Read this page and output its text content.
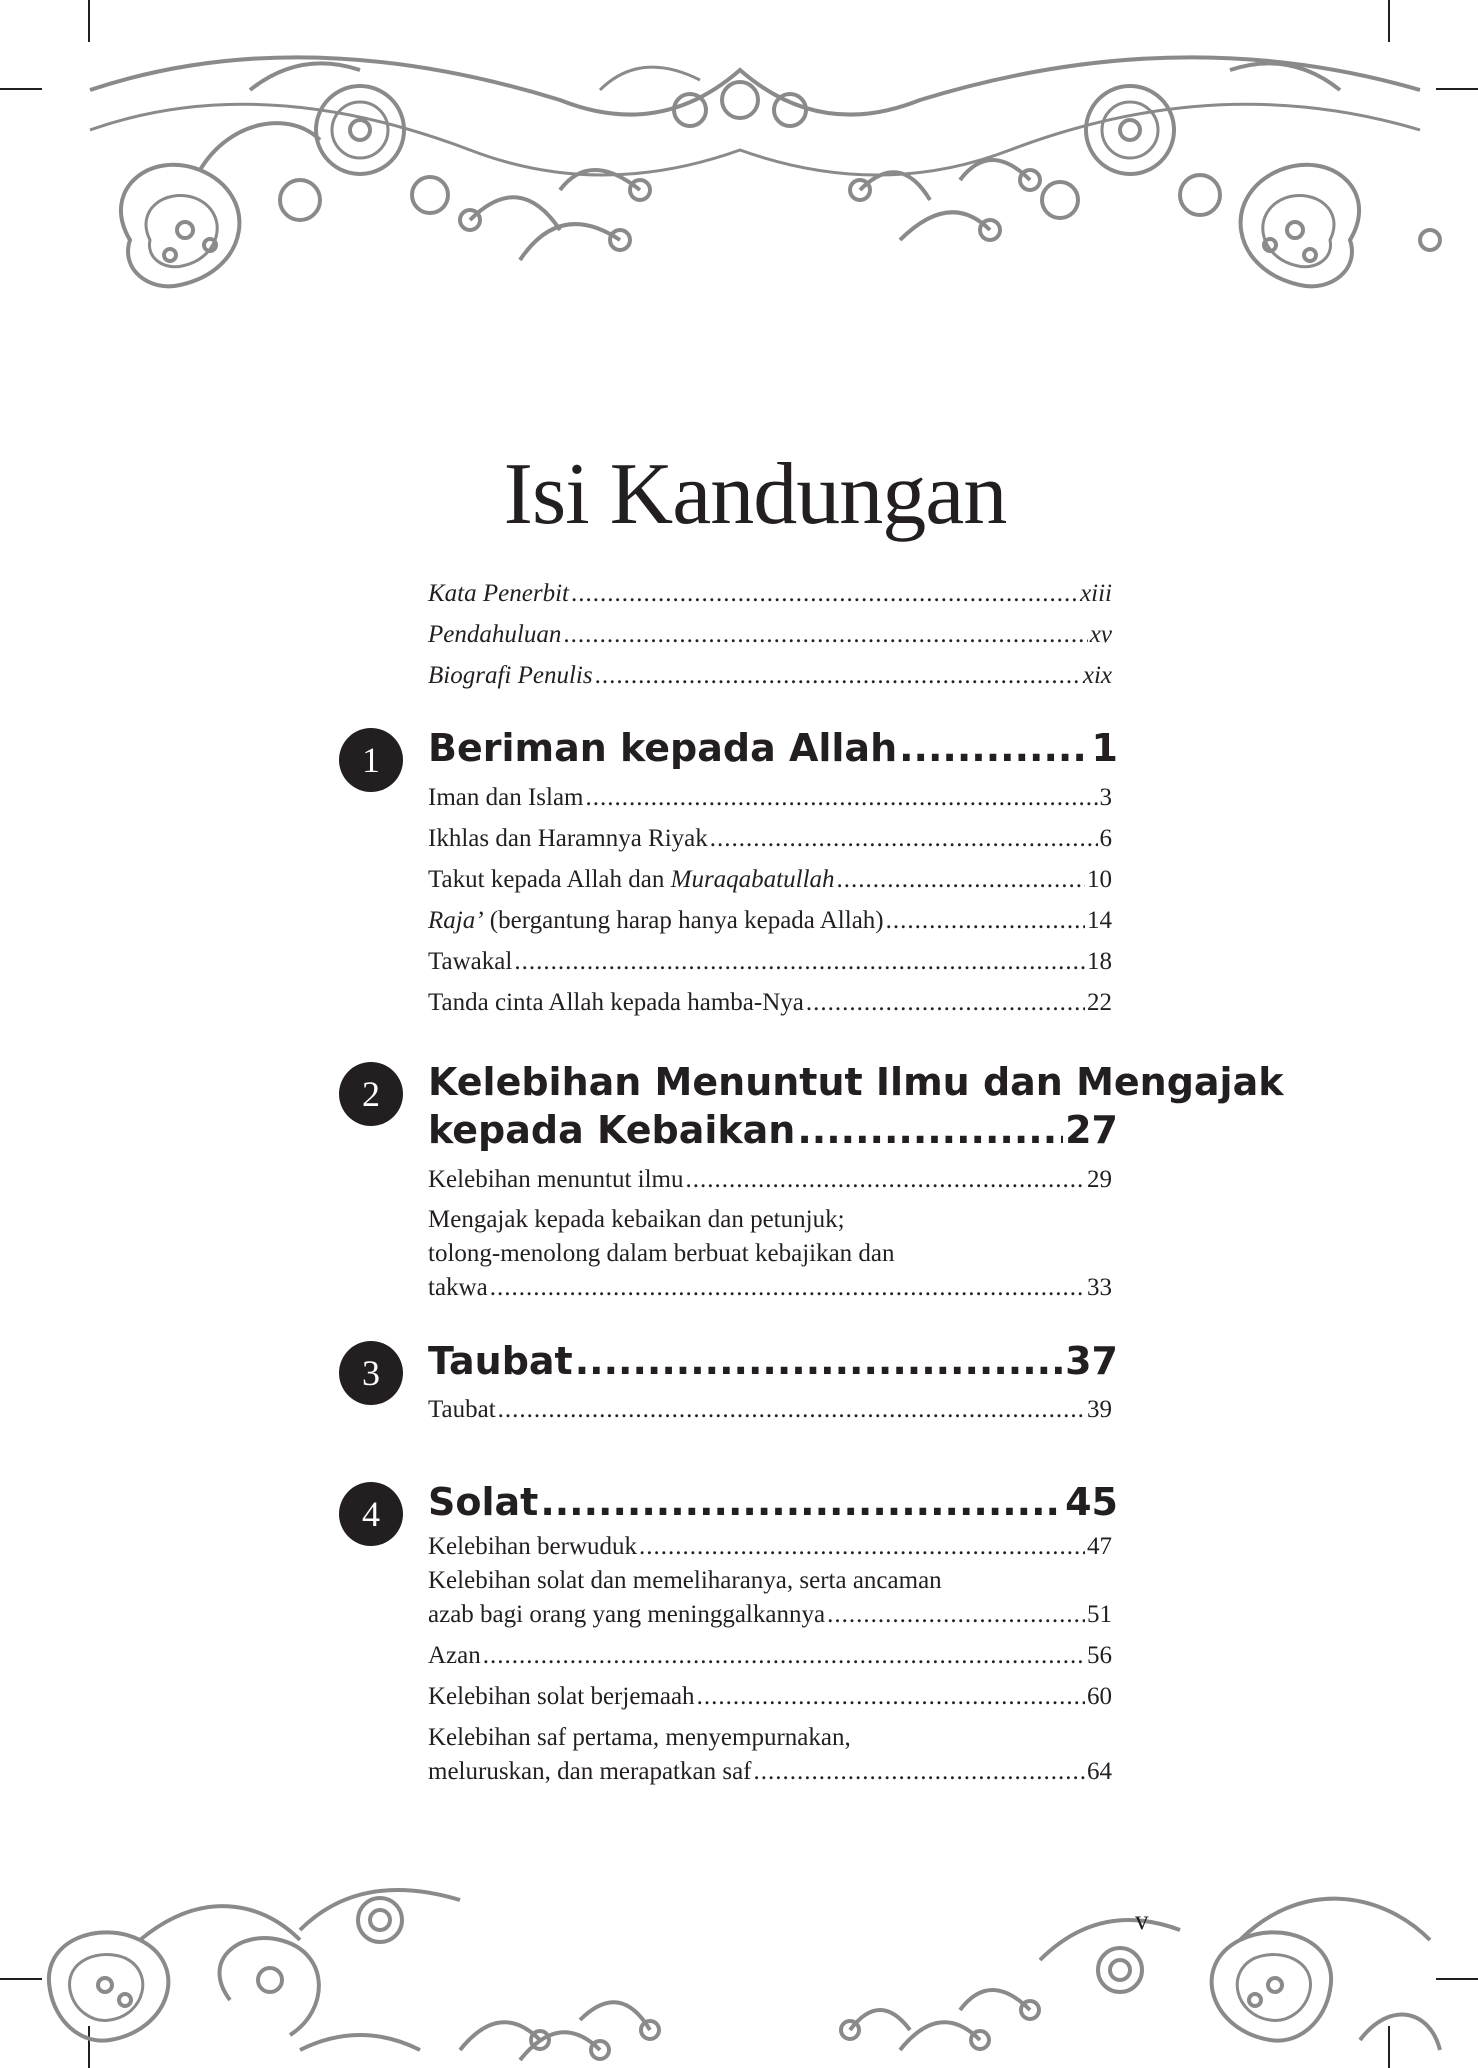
Isi Kandungan
Kata Penerbit .....	xiii
Pendahuluan .....	xv
Biografi Penulis .....	xix
1	Beriman kepada Allah .....	1
Iman dan Islam .....	3
Ikhlas dan Haramnya Riyak .....	6
Takut kepada Allah dan Muraqabatullah .....	10
Raja’ (bergantung harap hanya kepada Allah) .....	14
Tawakal .....	18
Tanda cinta Allah kepada hamba-Nya .....	22
2	Kelebihan Menuntut Ilmu dan Mengajak
kepada Kebaikan .....	27
Kelebihan menuntut ilmu .....	29
Mengajak kepada kebaikan dan petunjuk;
tolong-menolong dalam berbuat kebajikan dan
takwa .....	33
3	Taubat .....	37
Taubat .....	39
4	Solat .....	45
Kelebihan berwuduk .....	47
Kelebihan solat dan memeliharanya, serta ancaman
azab bagi orang yang meninggalkannya .....	51
Azan .....	56
Kelebihan solat berjemaah .....	60
Kelebihan saf pertama, menyempurnakan,
meluruskan, dan merapatkan saf .....	64
v
